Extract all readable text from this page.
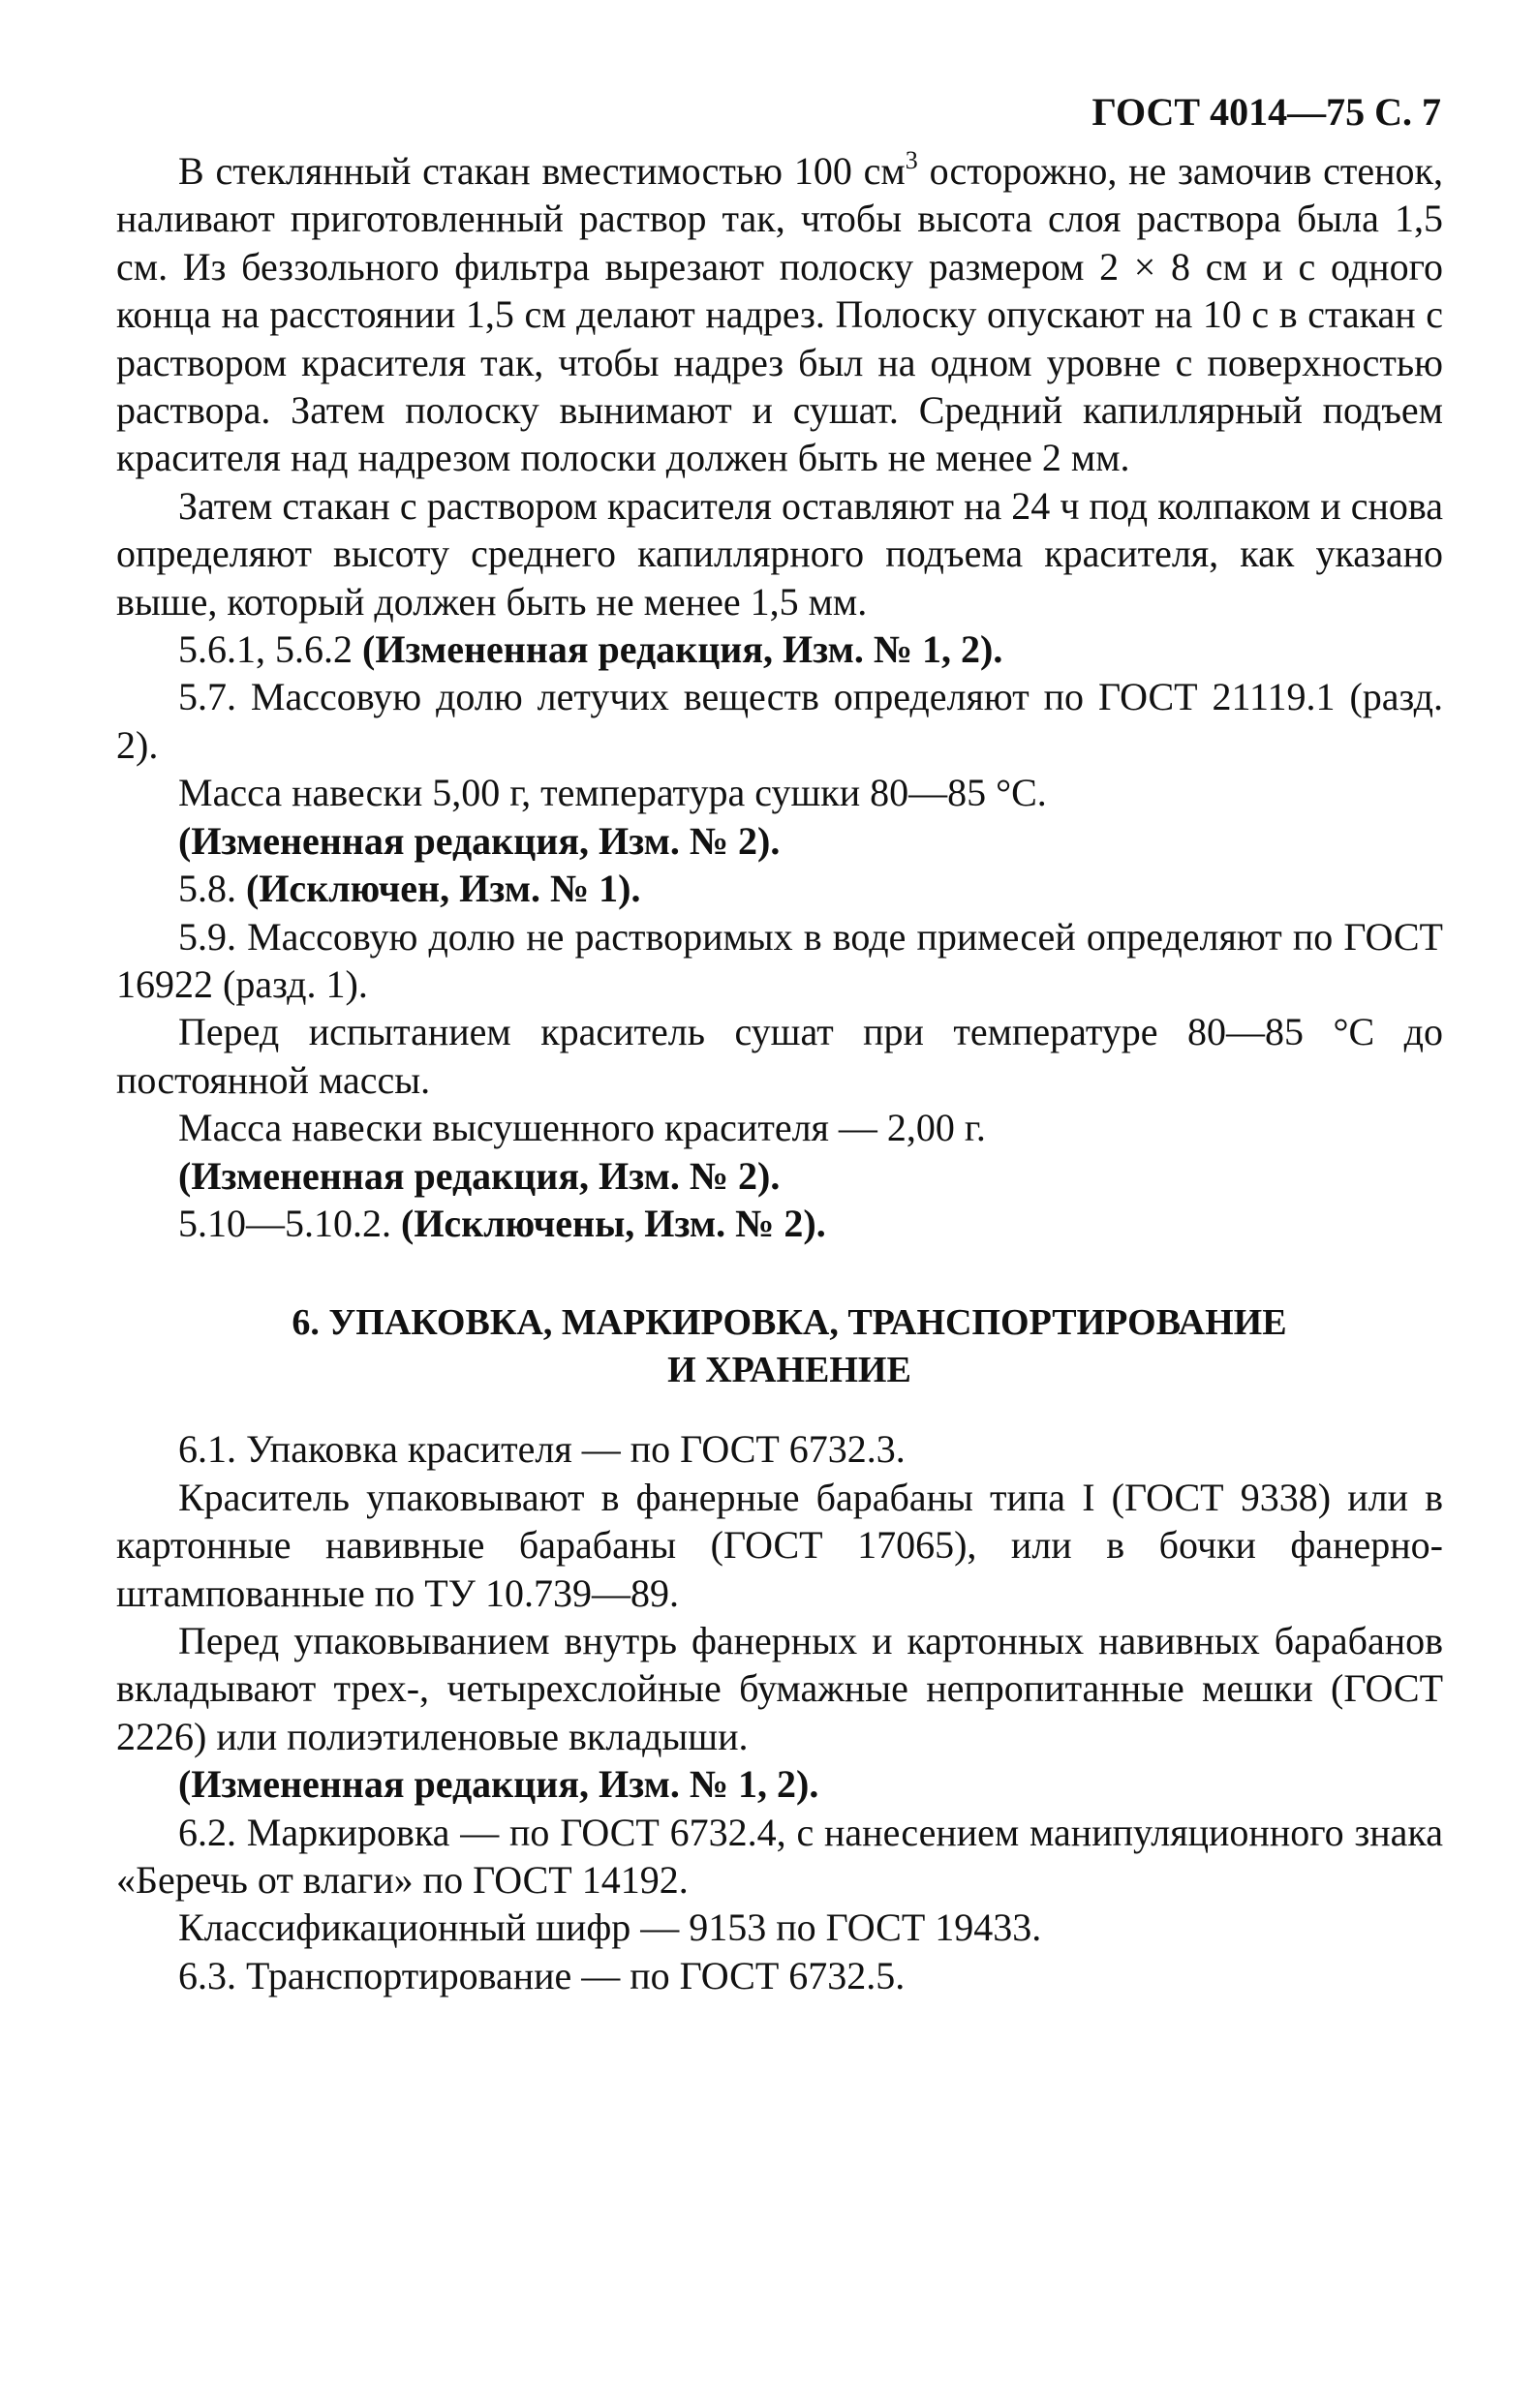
ГОСТ 4014—75 С. 7

В стеклянный стакан вместимостью 100 $см^3$ осторожно, не замочив стенок, наливают приготовленный раствор так, чтобы высота слоя раствора была 1,5 см. Из беззольного фильтра вырезают полоску размером 2 × 8 см и с одного конца на расстоянии 1,5 см делают надрез. Полоску опускают на 10 с в стакан с раствором красителя так, чтобы надрез был на одном уровне с поверхностью раствора. Затем полоску вынимают и сушат. Средний капиллярный подъем красителя над надрезом полоски должен быть не менее 2 мм.

Затем стакан с раствором красителя оставляют на 24 ч под колпаком и снова определяют высоту среднего капиллярного подъема красителя, как указано выше, который должен быть не менее 1,5 мм.

5.6.1, 5.6.2 (Измененная редакция, Изм. № 1, 2).

5.7. Массовую долю летучих веществ определяют по ГОСТ 21119.1 (разд. 2).

Масса навески 5,00 г, температура сушки 80—85 °С.

(Измененная редакция, Изм. № 2).

5.8. (Исключен, Изм. № 1).

5.9. Массовую долю не растворимых в воде примесей определяют по ГОСТ 16922 (разд. 1).

Перед испытанием краситель сушат при температуре 80—85 °С до постоянной массы.

Масса навески высушенного красителя — 2,00 г.

(Измененная редакция, Изм. № 2).

5.10—5.10.2. (Исключены, Изм. № 2).

6. УПАКОВКА, МАРКИРОВКА, ТРАНСПОРТИРОВАНИЕ
И ХРАНЕНИЕ

6.1. Упаковка красителя — по ГОСТ 6732.3.

Краситель упаковывают в фанерные барабаны типа I (ГОСТ 9338) или в картонные навивные барабаны (ГОСТ 17065), или в бочки фанерно-штампованные по ТУ 10.739—89.

Перед упаковыванием внутрь фанерных и картонных навивных барабанов вкладывают трех-, четырехслойные бумажные непропитанные мешки (ГОСТ 2226) или полиэтиленовые вкладыши.

(Измененная редакция, Изм. № 1, 2).

6.2. Маркировка — по ГОСТ 6732.4, с нанесением манипуляционного знака «Беречь от влаги» по ГОСТ 14192.

Классификационный шифр — 9153 по ГОСТ 19433.

6.3. Транспортирование — по ГОСТ 6732.5.
